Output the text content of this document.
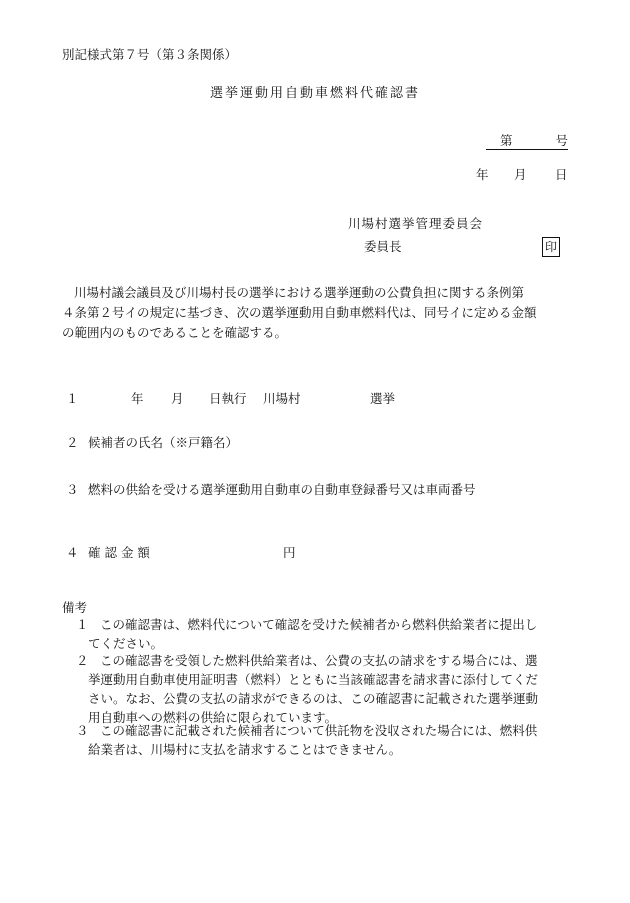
別記様式第７号（第３条関係）
選挙運動用自動車燃料代確認書
第	号
年 月 日
川場村選挙管理委員会
委員長	印

川場村議会議員及び川場村長の選挙における選挙運動の公費負担に関する条例第

４条第２号イの規定に基づき、次の選挙運動用自動車燃料代は、同号イに定める金額

の範囲内のものであることを確認する。

１	年 月 日執行 川場村	選挙
２ 候補者の氏名（※戸籍名）
３ 燃料の供給を受ける選挙運動用自動車の自動車登録番号又は車両番号
４ 確 認 金 額	円
備考
１ この確認書は、燃料代について確認を受けた候補者から燃料供給業者に提出し
てください。
２ この確認書を受領した燃料供給業者は、公費の支払の請求をする場合には、選
挙運動用自動車使用証明書（燃料）とともに当該確認書を請求書に添付してくだ
さい。なお、公費の支払の請求ができるのは、この確認書に記載された選挙運動
用自動車への燃料の供給に限られています。
３ この確認書に記載された候補者について供託物を没収された場合には、燃料供
給業者は、川場村に支払を請求することはできません。
